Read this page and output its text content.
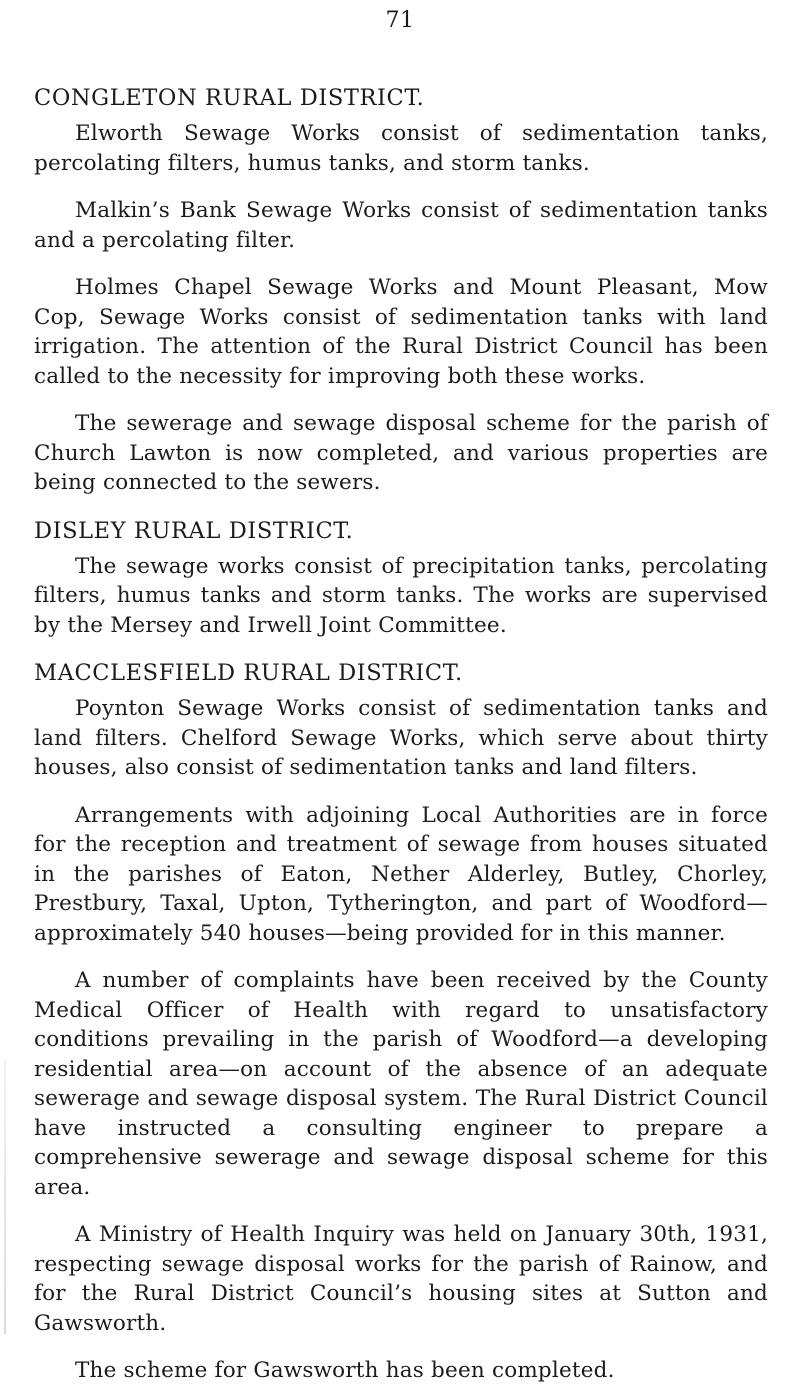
71
CONGLETON RURAL DISTRICT.

Elworth Sewage Works consist of sedimentation tanks, percolating filters, humus tanks, and storm tanks.

Malkin’s Bank Sewage Works consist of sedimentation tanks and a percolating filter.

Holmes Chapel Sewage Works and Mount Pleasant, Mow Cop, Sewage Works consist of sedimentation tanks with land irrigation. The attention of the Rural District Council has been called to the necessity for improving both these works.

The sewerage and sewage disposal scheme for the parish of Church Lawton is now completed, and various properties are being connected to the sewers.

DISLEY RURAL DISTRICT.

The sewage works consist of precipitation tanks, percolating filters, humus tanks and storm tanks. The works are supervised by the Mersey and Irwell Joint Committee.

MACCLESFIELD RURAL DISTRICT.

Poynton Sewage Works consist of sedimentation tanks and land filters. Chelford Sewage Works, which serve about thirty houses, also consist of sedimentation tanks and land filters.

Arrangements with adjoining Local Authorities are in force for the reception and treatment of sewage from houses situated in the parishes of Eaton, Nether Alderley, Butley, Chorley, Prestbury, Taxal, Upton, Tytherington, and part of Woodford—approximately 540 houses—being provided for in this manner.

A number of complaints have been received by the County Medical Officer of Health with regard to unsatisfactory conditions prevailing in the parish of Woodford—a developing residential area—on account of the absence of an adequate sewerage and sewage disposal system. The Rural District Council have instructed a consulting engineer to prepare a comprehensive sewerage and sewage disposal scheme for this area.

A Ministry of Health Inquiry was held on January 30th, 1931, respecting sewage disposal works for the parish of Rainow, and for the Rural District Council’s housing sites at Sutton and Gawsworth.

The scheme for Gawsworth has been completed.
